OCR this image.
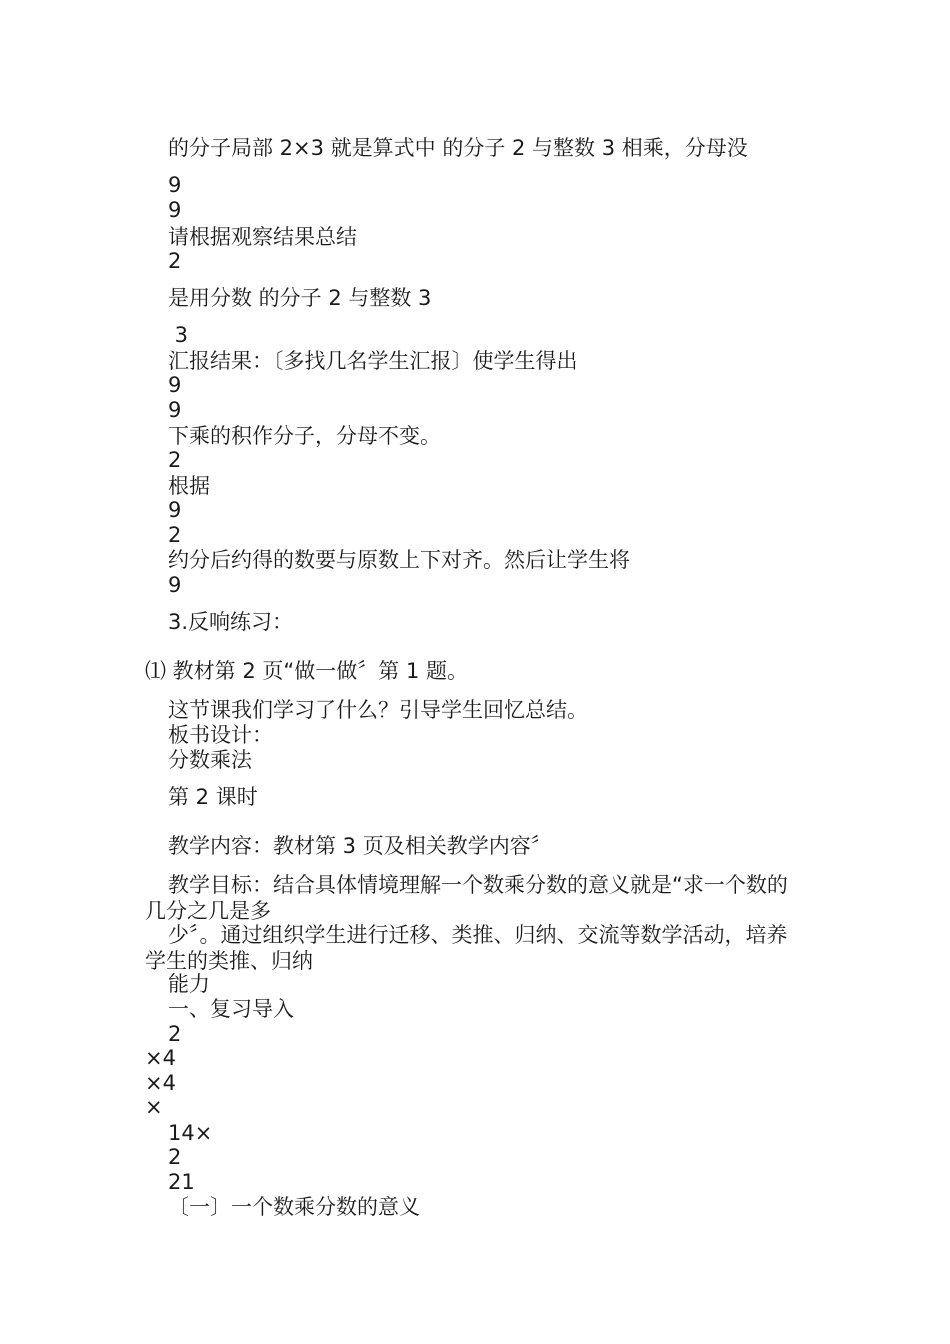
的分子局部 2×3 就是算式中 的分子 2 与整数 3 相乘，分母没
9
9
请根据观察结果总结
2
是用分数 的分子 2 与整数 3
3
汇报结果：〔多找几名学生汇报〕使学生得出
9
9
下乘的积作分子，分母不变。
2
根据
9
2
约分后约得的数要与原数上下对齐。然后让学生将
9
3.反响练习：
⑴ 教材第 2 页“做一做〞第 1 题。
这节课我们学习了什么？引导学生回忆总结。
板书设计：
分数乘法
第 2 课时
教学内容：教材第 3 页及相关教学内容〞
教学目标：结合具体情境理解一个数乘分数的意义就是“求一个数的几分之几是多
少〞。通过组织学生进行迁移、类推、归纳、交流等数学活动，培养学生的类推、归纳
能力
一、复习导入
2
×4
×4
×
14×
2
21
〔一〕一个数乘分数的意义
